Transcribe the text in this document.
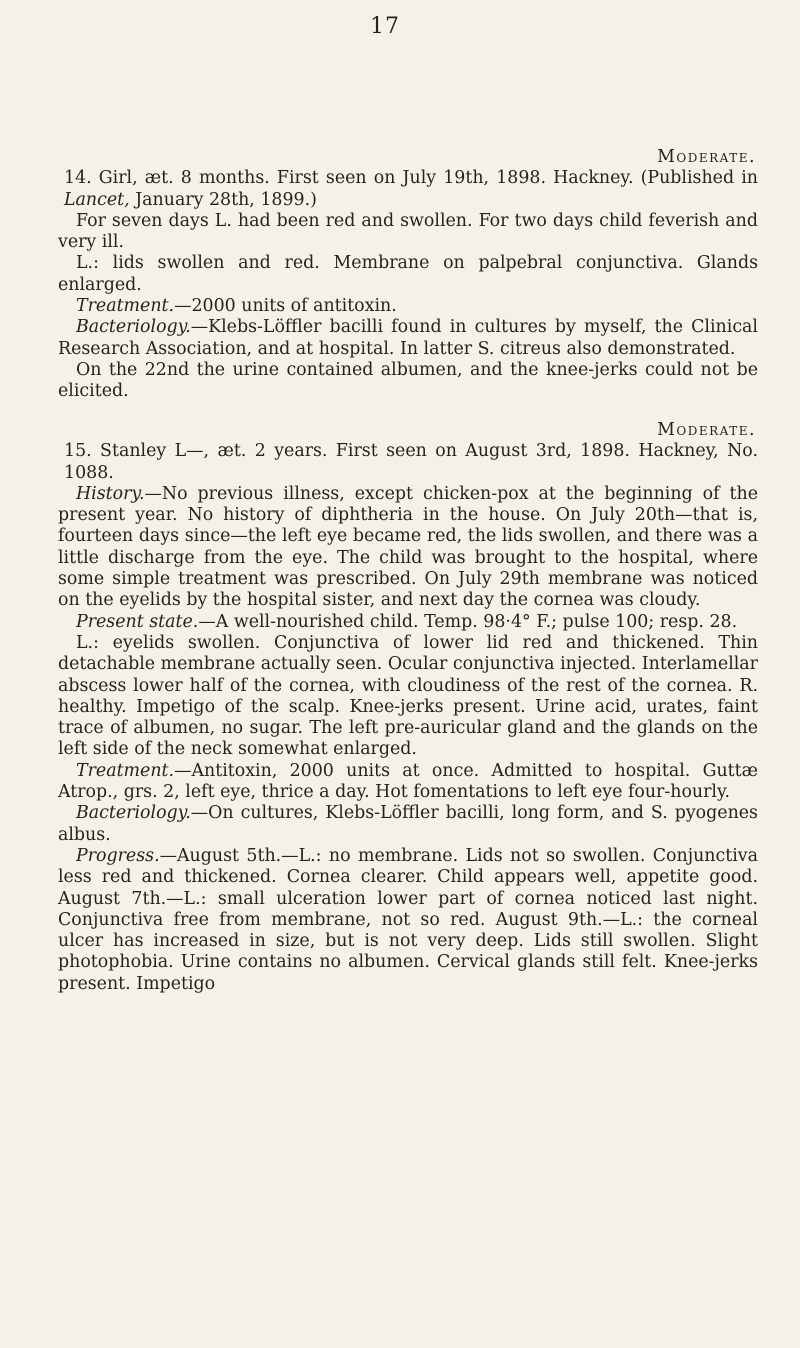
17
Moderate.

14. Girl, æt. 8 months. First seen on July 19th, 1898. Hackney. (Published in Lancet, January 28th, 1899.)

For seven days L. had been red and swollen. For two days child feverish and very ill.

L.: lids swollen and red. Membrane on palpebral conjunctiva. Glands enlarged.

Treatment.—2000 units of antitoxin.

Bacteriology.—Klebs-Löffler bacilli found in cultures by myself, the Clinical Research Association, and at hospital. In latter S. citreus also demonstrated.

On the 22nd the urine contained albumen, and the knee-jerks could not be elicited.

Moderate.

15. Stanley L—, æt. 2 years. First seen on August 3rd, 1898. Hackney, No. 1088.

History.—No previous illness, except chicken-pox at the beginning of the present year. No history of diphtheria in the house. On July 20th—that is, fourteen days since—the left eye became red, the lids swollen, and there was a little discharge from the eye. The child was brought to the hospital, where some simple treatment was prescribed. On July 29th membrane was noticed on the eyelids by the hospital sister, and next day the cornea was cloudy.

Present state.—A well-nourished child. Temp. 98·4° F.; pulse 100; resp. 28.

L.: eyelids swollen. Conjunctiva of lower lid red and thickened. Thin detachable membrane actually seen. Ocular conjunctiva injected. Interlamellar abscess lower half of the cornea, with cloudiness of the rest of the cornea. R. healthy. Impetigo of the scalp. Knee-jerks present. Urine acid, urates, faint trace of albumen, no sugar. The left pre-auricular gland and the glands on the left side of the neck somewhat enlarged.

Treatment.—Antitoxin, 2000 units at once. Admitted to hospital. Guttæ Atrop., grs. 2, left eye, thrice a day. Hot fomentations to left eye four-hourly.

Bacteriology.—On cultures, Klebs-Löffler bacilli, long form, and S. pyogenes albus.

Progress.—August 5th.—L.: no membrane. Lids not so swollen. Conjunctiva less red and thickened. Cornea clearer. Child appears well, appetite good. August 7th.—L.: small ulceration lower part of cornea noticed last night. Conjunctiva free from membrane, not so red. August 9th.—L.: the corneal ulcer has increased in size, but is not very deep. Lids still swollen. Slight photophobia. Urine contains no albumen. Cervical glands still felt. Knee-jerks present. Impetigo
